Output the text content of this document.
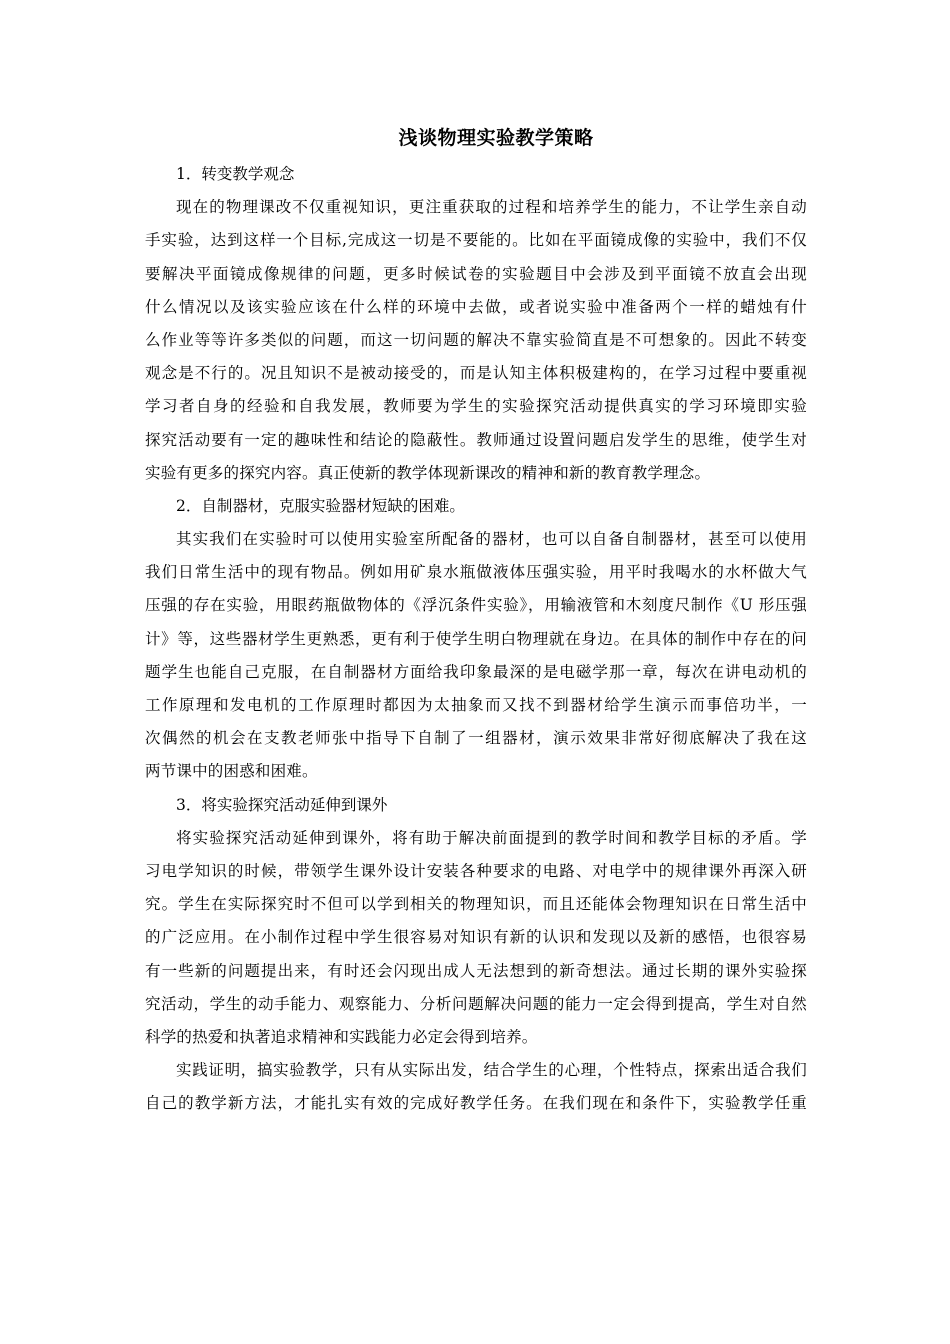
浅谈物理实验教学策略
1．转变教学观念
现在的物理课改不仅重视知识，更注重获取的过程和培养学生的能力，不让学生亲自动
手实验，达到这样一个目标,完成这一切是不要能的。比如在平面镜成像的实验中，我们不仅
要解决平面镜成像规律的问题，更多时候试卷的实验题目中会涉及到平面镜不放直会出现
什么情况以及该实验应该在什么样的环境中去做，或者说实验中准备两个一样的蜡烛有什
么作业等等许多类似的问题，而这一切问题的解决不靠实验简直是不可想象的。因此不转变
观念是不行的。况且知识不是被动接受的，而是认知主体积极建构的，在学习过程中要重视
学习者自身的经验和自我发展，教师要为学生的实验探究活动提供真实的学习环境即实验
探究活动要有一定的趣味性和结论的隐蔽性。教师通过设置问题启发学生的思维，使学生对
实验有更多的探究内容。真正使新的教学体现新课改的精神和新的教育教学理念。
2．自制器材，克服实验器材短缺的困难。
其实我们在实验时可以使用实验室所配备的器材，也可以自备自制器材，甚至可以使用
我们日常生活中的现有物品。例如用矿泉水瓶做液体压强实验，用平时我喝水的水杯做大气
压强的存在实验，用眼药瓶做物体的《浮沉条件实验》，用输液管和木刻度尺制作《U 形压强
计》等，这些器材学生更熟悉，更有利于使学生明白物理就在身边。在具体的制作中存在的问
题学生也能自己克服，在自制器材方面给我印象最深的是电磁学那一章，每次在讲电动机的
工作原理和发电机的工作原理时都因为太抽象而又找不到器材给学生演示而事倍功半，一
次偶然的机会在支教老师张中指导下自制了一组器材，演示效果非常好彻底解决了我在这
两节课中的困惑和困难。
3．将实验探究活动延伸到课外
将实验探究活动延伸到课外，将有助于解决前面提到的教学时间和教学目标的矛盾。学
习电学知识的时候，带领学生课外设计安装各种要求的电路、对电学中的规律课外再深入研
究。学生在实际探究时不但可以学到相关的物理知识，而且还能体会物理知识在日常生活中
的广泛应用。在小制作过程中学生很容易对知识有新的认识和发现以及新的感悟，也很容易
有一些新的问题提出来，有时还会闪现出成人无法想到的新奇想法。通过长期的课外实验探
究活动，学生的动手能力、观察能力、分析问题解决问题的能力一定会得到提高，学生对自然
科学的热爱和执著追求精神和实践能力必定会得到培养。
实践证明，搞实验教学，只有从实际出发，结合学生的心理，个性特点，探索出适合我们
自己的教学新方法，才能扎实有效的完成好教学任务。在我们现在和条件下，实验教学任重
